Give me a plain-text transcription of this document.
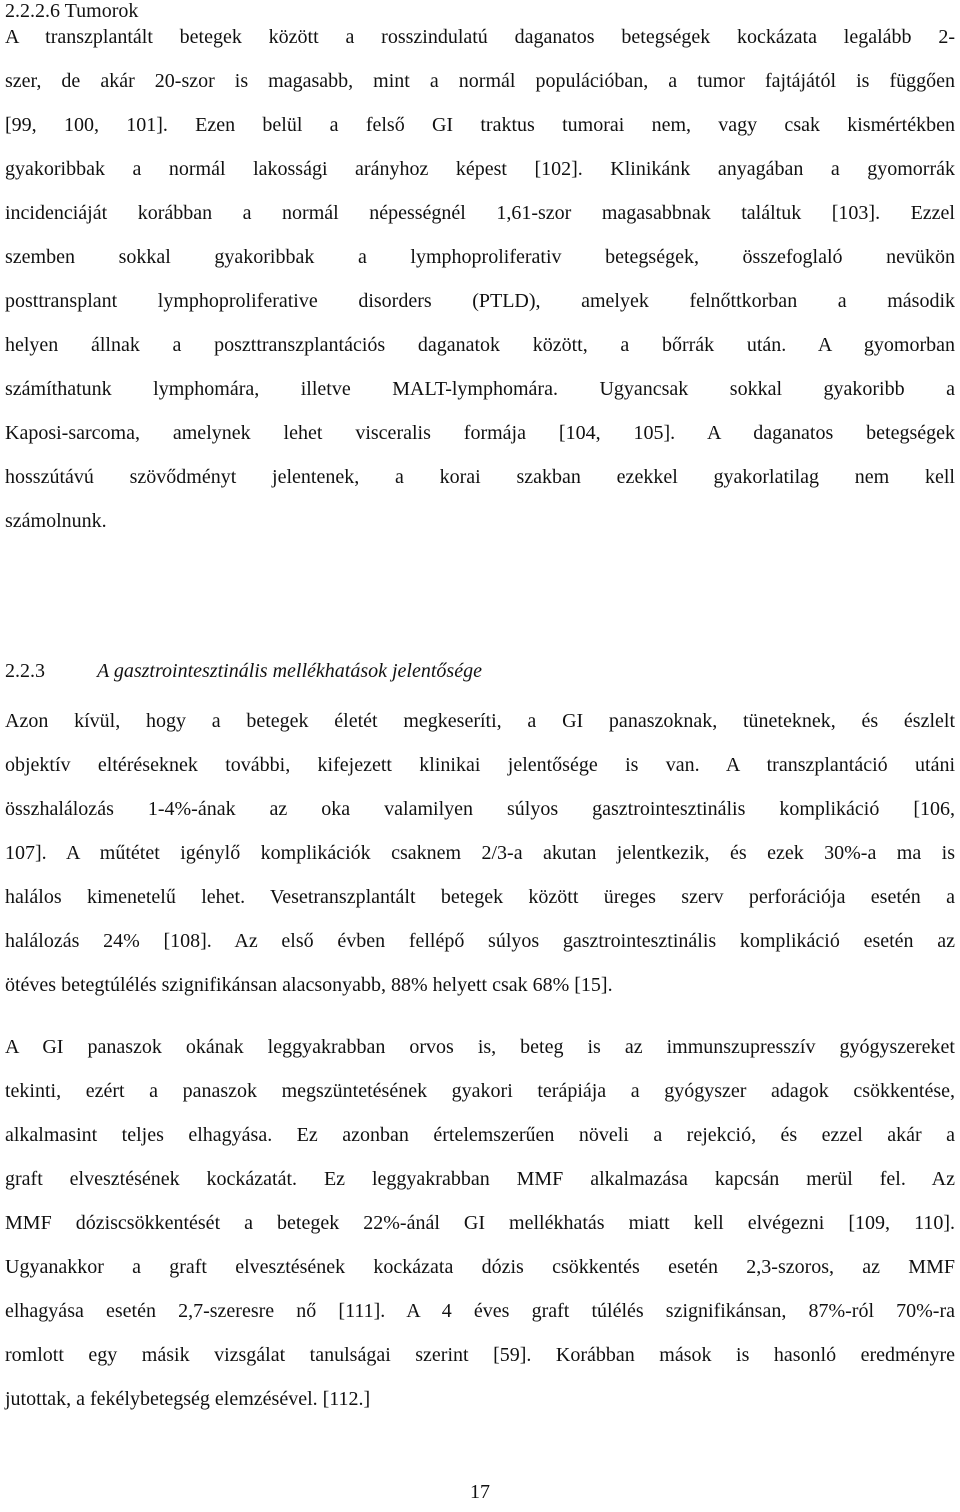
2.2.2.6 Tumorok
A transzplantált betegek között a rosszindulatú daganatos betegségek kockázata legalább 2-
szer, de akár 20-szor is magasabb, mint a normál populációban, a tumor fajtájától is függően
[99, 100, 101]. Ezen belül a felső GI traktus tumorai nem, vagy csak kismértékben
gyakoribbak a normál lakossági arányhoz képest [102]. Klinikánk anyagában a gyomorrák
incidenciáját korábban a normál népességnél 1,61-szor magasabbnak találtuk [103]. Ezzel
szemben sokkal gyakoribbak a lymphoproliferativ betegségek, összefoglaló nevükön
posttransplant lymphoproliferative disorders (PTLD), amelyek felnőttkorban a második
helyen állnak a poszttranszplantációs daganatok között, a bőrrák után. A gyomorban
számíthatunk lymphomára, illetve MALT-lymphomára. Ugyancsak sokkal gyakoribb a
Kaposi-sarcoma, amelynek lehet visceralis formája [104, 105]. A daganatos betegségek
hosszútávú szövődményt jelentenek, a korai szakban ezekkel gyakorlatilag nem kell
számolnunk.
2.2.3	A gasztrointesztinális mellékhatások jelentősége
Azon kívül, hogy a betegek életét megkeseríti, a GI panaszoknak, tüneteknek, és észlelt
objektív eltéréseknek további, kifejezett klinikai jelentősége is van. A transzplantáció utáni
összhalálozás 1-4%-ának az oka valamilyen súlyos gasztrointesztinális komplikáció [106,
107]. A műtétet igénylő komplikációk csaknem 2/3-a akutan jelentkezik, és ezek 30%-a ma is
halálos kimenetelű lehet. Vesetranszplantált betegek között üreges szerv perforációja esetén a
halálozás 24% [108]. Az első évben fellépő súlyos gasztrointesztinális komplikáció esetén az
ötéves betegtúlélés szignifikánsan alacsonyabb, 88% helyett csak 68% [15].
A GI panaszok okának leggyakrabban orvos is, beteg is az immunszupresszív gyógyszereket
tekinti, ezért a panaszok megszüntetésének gyakori terápiája a gyógyszer adagok csökkentése,
alkalmasint teljes elhagyása. Ez azonban értelemszerűen növeli a rejekció, és ezzel akár a
graft elvesztésének kockázatát. Ez leggyakrabban MMF alkalmazása kapcsán merül fel. Az
MMF dóziscsökkentését a betegek 22%-ánál GI mellékhatás miatt kell elvégezni [109, 110].
Ugyanakkor a graft elvesztésének kockázata dózis csökkentés esetén 2,3-szoros, az MMF
elhagyása esetén 2,7-szeresre nő [111]. A 4 éves graft túlélés szignifikánsan, 87%-ról 70%-ra
romlott egy másik vizsgálat tanulságai szerint [59]. Korábban mások is hasonló eredményre
jutottak, a fekélybetegség elemzésével. [112.]
17
